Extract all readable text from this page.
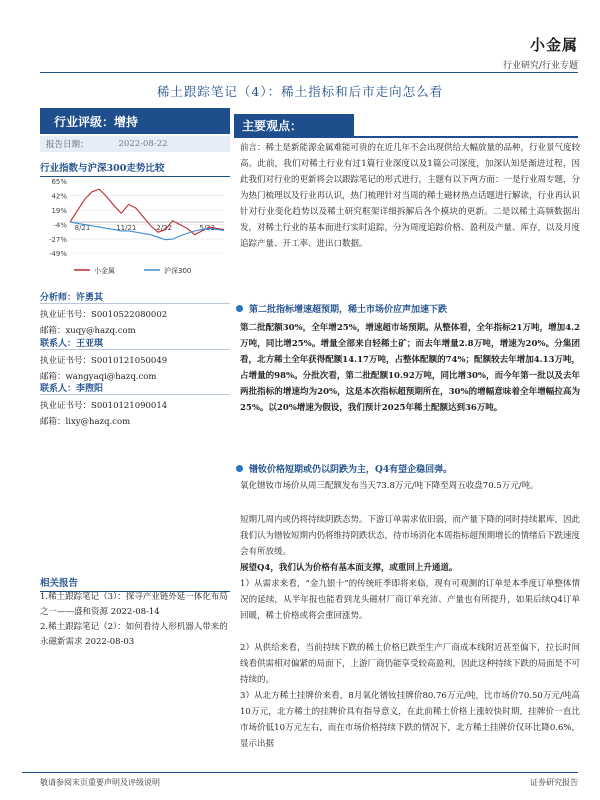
小金属
行业研究/行业专题
稀土跟踪笔记（4）：稀土指标和后市走向怎么看
行业评级：增持
报告日期：	2022-08-22
行业指数与沪深300走势比较
65%
42%
19%
-4%
-27%
-49%
8/21	11/21	2/22	5/22
小金属	沪深300
分析师：许勇其
执业证书号：S0010522080002
邮箱：xuqy@hazq.com
联系人：王亚琪
执业证书号：S0010121050049
邮箱：wangyaqi@hazq.com
联系人：李煦阳
执业证书号：S0010121090014
邮箱：lixy@hazq.com
相关报告
1.稀土跟踪笔记（3）：探寻产业链外延一体化布局之一——盛和资源 2022-08-14
2.稀土跟踪笔记（2）：如何看待人形机器人带来的永磁新需求 2022-08-03
主要观点：
前言：稀土是新能源金属难能可贵的在近几年不会出现供给大幅放量的品种，行业景气度较高。此前，我们对稀土行业有过1篇行业深度以及1篇公司深度，加深认知是渐进过程，因此我们对行业的更新将会以跟踪笔记的形式进行，主题有以下两方面：一是行业周专题，分为热门梳理以及行业再认识，热门梳理针对当周的稀土磁材热点话题进行解读，行业再认识针对行业变化趋势以及稀土研究框架详细拆解后各个模块的更新。二是以稀土高频数据出发，对稀土行业的基本面进行实时追踪，分为周度追踪价格、盈利及产量、库存，以及月度追踪产量、开工率、进出口数据。
第二批指标增速超预期，稀土市场价应声加速下跌
第二批配额30%，全年增25%，增速超市场预期。从整体看，全年指标21万吨，增加4.2万吨，同比增25%。增量全部来自轻稀土矿；而去年增量2.8万吨，增速为20%。分集团看，北方稀土全年获得配额14.17万吨，占整体配额的74%；配额较去年增加4.13万吨，占增量的98%。分批次看，第二批配额10.92万吨，同比增30%，而今年第一批以及去年两批指标的增速均为20%，这是本次指标超预期所在，30%的增幅意味着全年增幅拉高为25%。以20%增速为假设，我们预计2025年稀土配额达到36万吨。
镨钕价格短期或仍以阴跌为主，Q4有望企稳回弹。
氧化镨钕市场价从周三配额发布当天73.8万元/吨下降至周五收盘70.5万元/吨。
短期几周内或仍将持续阴跌态势。下游订单需求依旧弱，而产量下降的同时持续累库，因此我们认为镨钕短期内仍将维持阴跌状态，待市场消化本周指标超预期增长的情绪后下跌速度会有所放缓。
展望Q4，我们认为价格有基本面支撑，或重回上升通道。
1）从需求来看，“金九银十”的传统旺季即将来临，现有可观测的订单是本季度订单整体情况的延续，从半年报也能看到龙头磁材厂商订单充沛、产量也有所提升，如果后续Q4订单回暖，稀土价格或将会重回涨势。
2）从供给来看，当前持续下跌的稀土价格已跌至生产厂商成本线附近甚至偏下，拉长时间线看供需相对偏紧的局面下，上游厂商仍能享受较高盈利，因此这种持续下跌的局面是不可持续的。
3）从北方稀土挂牌价来看，8月氧化镨钕挂牌价80.76万元/吨，比市场价70.50万元/吨高10万元，北方稀土的挂牌价具有指导意义，在此前稀土价格上涨较快时期，挂牌价一直比市场价低10万元左右，而在市场价格持续下跌的情况下，北方稀土挂牌价仅环比降0.6%，显示出据
敬请参阅末页重要声明及评级说明	证券研究报告
